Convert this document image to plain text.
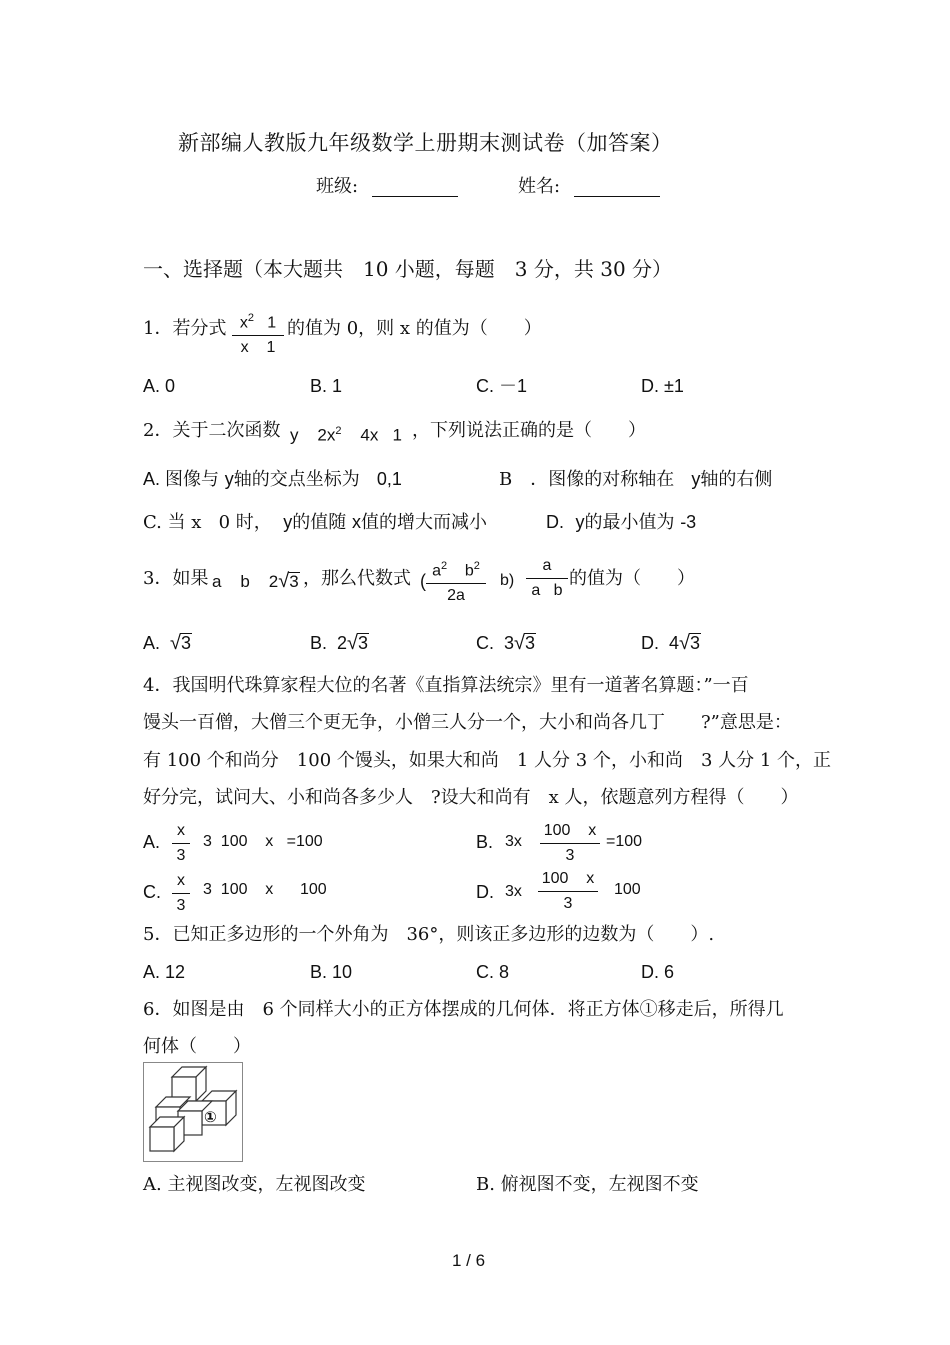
新部编人教版九年级数学上册期末测试卷（加答案）
班级:	姓名:
一、选择题（本大题共　10 小题，每题　3 分，共 30 分）
1．若分式 $x^2$ 1
x 1
的值为 0，则 x 的值为（　　）
A. 0	B. 1	C. －1	D. ±1
2．关于二次函数 y $2x^2$ 4x 1 ，下列说法正确的是（　　）
A. 图像与 y轴的交点坐标为 0,1	B　．图像的对称轴在 y轴的右侧
C. 当 x 0 时， y的值随 x值的增大而减小	D. y的最小值为 -3
3．如果 a b 2√3 ，那么代数式 (
$a^2$ $b^2$
2a
b)
a
a b
的值为（　　）
A. √3	B. 2√3	C. 3√3	D. 4√3
4．我国明代珠算家程大位的名著《直指算法统宗》里有一道著名算题：”一百
馒头一百僧，大僧三个更无争，小僧三人分一个，大小和尚各几丁　　?”意思是：
有 100 个和尚分　100 个馒头，如果大和尚　1 人分 3 个，小和尚　3 人分 1 个，正
好分完，试问大、小和尚各多少人　?设大和尚有　x 人，依题意列方程得（　　）
A.
x
3
3  100    x   =100	B. 3x
100    x
3
=100
C.
x
3
3  100    x      100	D. 3x
100    x
3
100
5．已知正多边形的一个外角为　36°，则该正多边形的边数为（　　）.
A. 12	B. 10	C. 8	D. 6
6．如图是由　6 个同样大小的正方体摆成的几何体．将正方体①移走后，所得几
何体（　　）
①
A. 主视图改变，左视图改变	B. 俯视图不变，左视图不变
1 / 6
